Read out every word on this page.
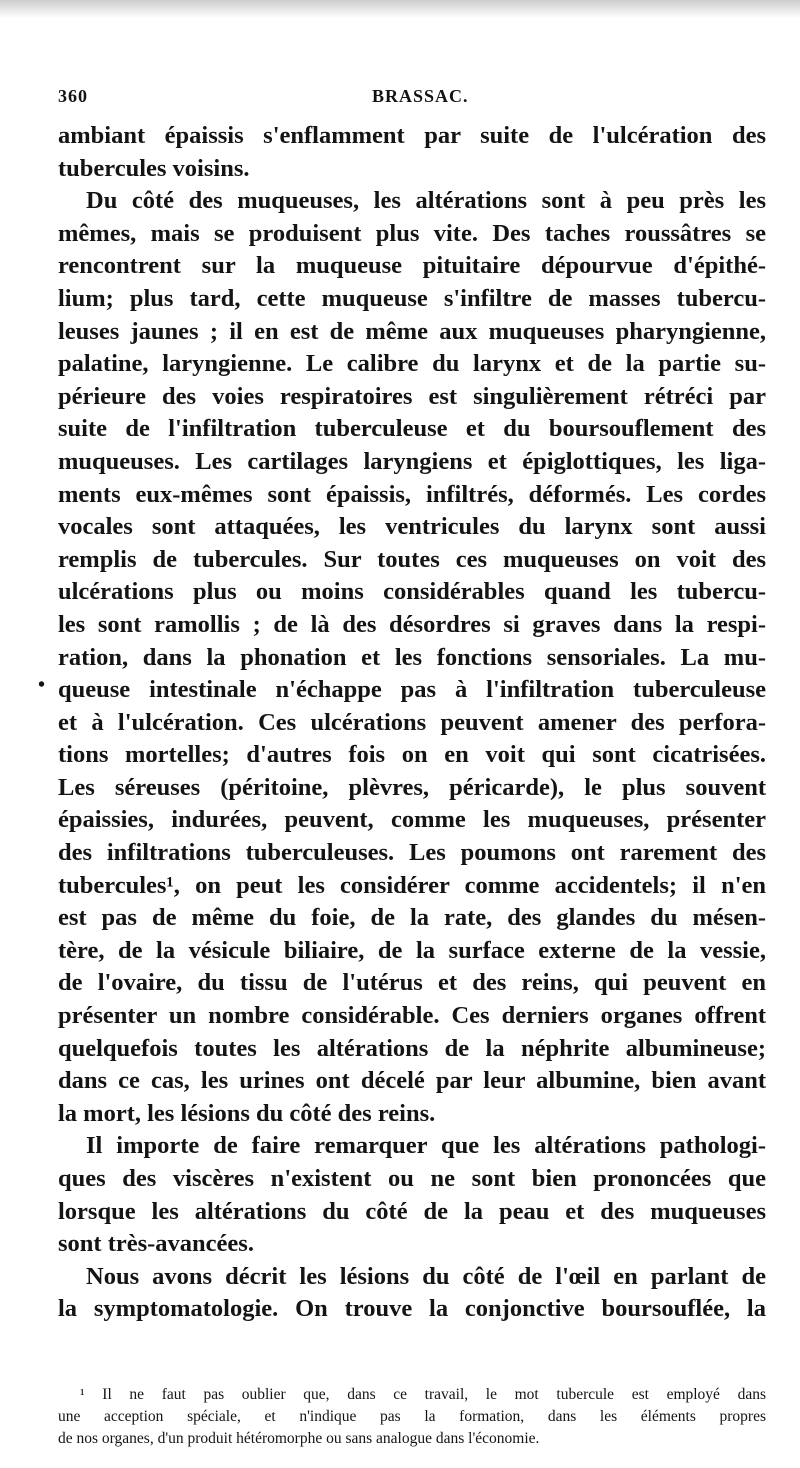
360	BRASSAC.
•
ambiant épaissis s'enflamment par suite de l'ulcération des
tubercules voisins.
Du côté des muqueuses, les altérations sont à peu près les
mêmes, mais se produisent plus vite. Des taches roussâtres se
rencontrent sur la muqueuse pituitaire dépourvue d'épithé-
lium; plus tard, cette muqueuse s'infiltre de masses tubercu-
leuses jaunes ; il en est de même aux muqueuses pharyngienne,
palatine, laryngienne. Le calibre du larynx et de la partie su-
périeure des voies respiratoires est singulièrement rétréci par
suite de l'infiltration tuberculeuse et du boursouflement des
muqueuses. Les cartilages laryngiens et épiglottiques, les liga-
ments eux-mêmes sont épaissis, infiltrés, déformés. Les cordes
vocales sont attaquées, les ventricules du larynx sont aussi
remplis de tubercules. Sur toutes ces muqueuses on voit des
ulcérations plus ou moins considérables quand les tubercu-
les sont ramollis ; de là des désordres si graves dans la respi-
ration, dans la phonation et les fonctions sensoriales. La mu-
queuse intestinale n'échappe pas à l'infiltration tuberculeuse
et à l'ulcération. Ces ulcérations peuvent amener des perfora-
tions mortelles; d'autres fois on en voit qui sont cicatrisées.
Les séreuses (péritoine, plèvres, péricarde), le plus souvent
épaissies, indurées, peuvent, comme les muqueuses, présenter
des infiltrations tuberculeuses. Les poumons ont rarement des
tubercules¹, on peut les considérer comme accidentels; il n'en
est pas de même du foie, de la rate, des glandes du mésen-
tère, de la vésicule biliaire, de la surface externe de la vessie,
de l'ovaire, du tissu de l'utérus et des reins, qui peuvent en
présenter un nombre considérable. Ces derniers organes offrent
quelquefois toutes les altérations de la néphrite albumineuse;
dans ce cas, les urines ont décelé par leur albumine, bien avant
la mort, les lésions du côté des reins.
Il importe de faire remarquer que les altérations pathologi-
ques des viscères n'existent ou ne sont bien prononcées que
lorsque les altérations du côté de la peau et des muqueuses
sont très-avancées.
Nous avons décrit les lésions du côté de l'œil en parlant de
la symptomatologie. On trouve la conjonctive boursouflée, la
¹ Il ne faut pas oublier que, dans ce travail, le mot tubercule est employé dans
une acception spéciale, et n'indique pas la formation, dans les éléments propres
de nos organes, d'un produit hétéromorphe ou sans analogue dans l'économie.
